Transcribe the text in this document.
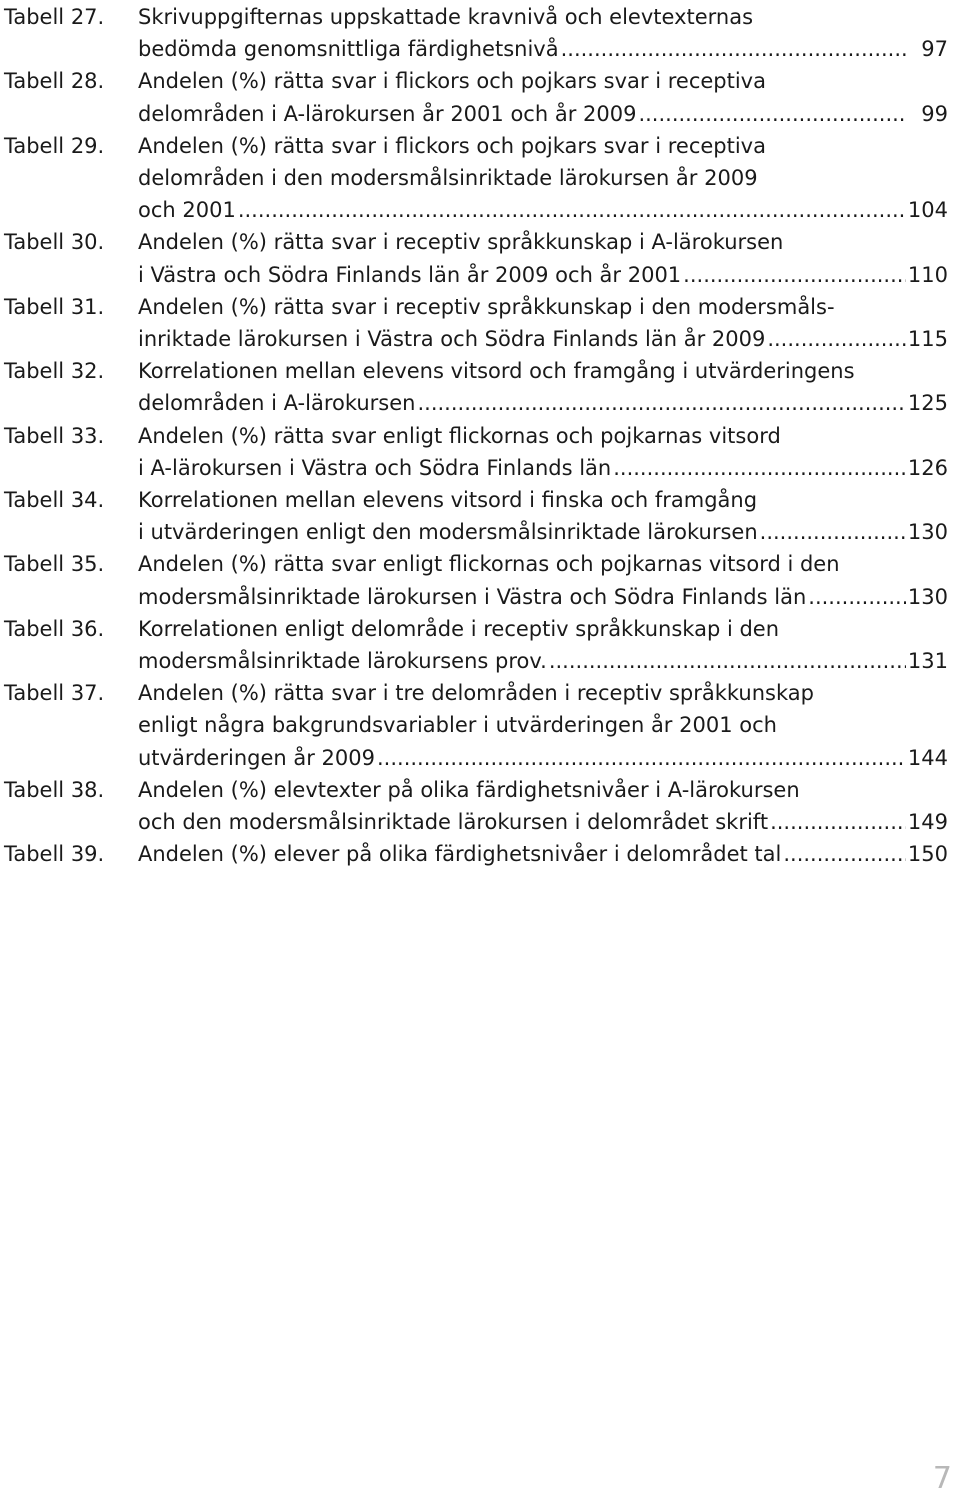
Tabell 27. Skrivuppgifternas uppskattade kravnivå och elevtexternas
bedömda genomsnittliga färdighetsnivå .....	97
Tabell 28. Andelen (%) rätta svar i flickors och pojkars svar i receptiva
delområden i A-lärokursen år 2001 och år 2009 .....	99
Tabell 29. Andelen (%) rätta svar i flickors och pojkars svar i receptiva
delområden i den modersmålsinriktade lärokursen år 2009
och 2001 .....	104
Tabell 30. Andelen (%) rätta svar i receptiv språkkunskap i A-lärokursen
i Västra och Södra Finlands län år 2009 och år 2001 .....	110
Tabell 31. Andelen (%) rätta svar i receptiv språkkunskap i den modersmåls-
inriktade lärokursen i Västra och Södra Finlands län år 2009 .....	115
Tabell 32. Korrelationen mellan elevens vitsord och framgång i utvärderingens
delområden i A-lärokursen .....	125
Tabell 33. Andelen (%) rätta svar enligt flickornas och pojkarnas vitsord
i A-lärokursen i Västra och Södra Finlands län .....	126
Tabell 34. Korrelationen mellan elevens vitsord i finska och framgång
i utvärderingen enligt den modersmålsinriktade lärokursen .....	130
Tabell 35. Andelen (%) rätta svar enligt flickornas och pojkarnas vitsord i den
modersmålsinriktade lärokursen i Västra och Södra Finlands län .....	130
Tabell 36. Korrelationen enligt delområde i receptiv språkkunskap i den
modersmålsinriktade lärokursens prov. .....	131
Tabell 37. Andelen (%) rätta svar i tre delområden i receptiv språkkunskap
enligt några bakgrundsvariabler i utvärderingen år 2001 och
utvärderingen år 2009 .....	144
Tabell 38. Andelen (%) elevtexter på olika färdighetsnivåer i A-lärokursen
och den modersmålsinriktade lärokursen i delområdet skrift .....	149
Tabell 39. Andelen (%) elever på olika färdighetsnivåer i delområdet tal .....	150
7
